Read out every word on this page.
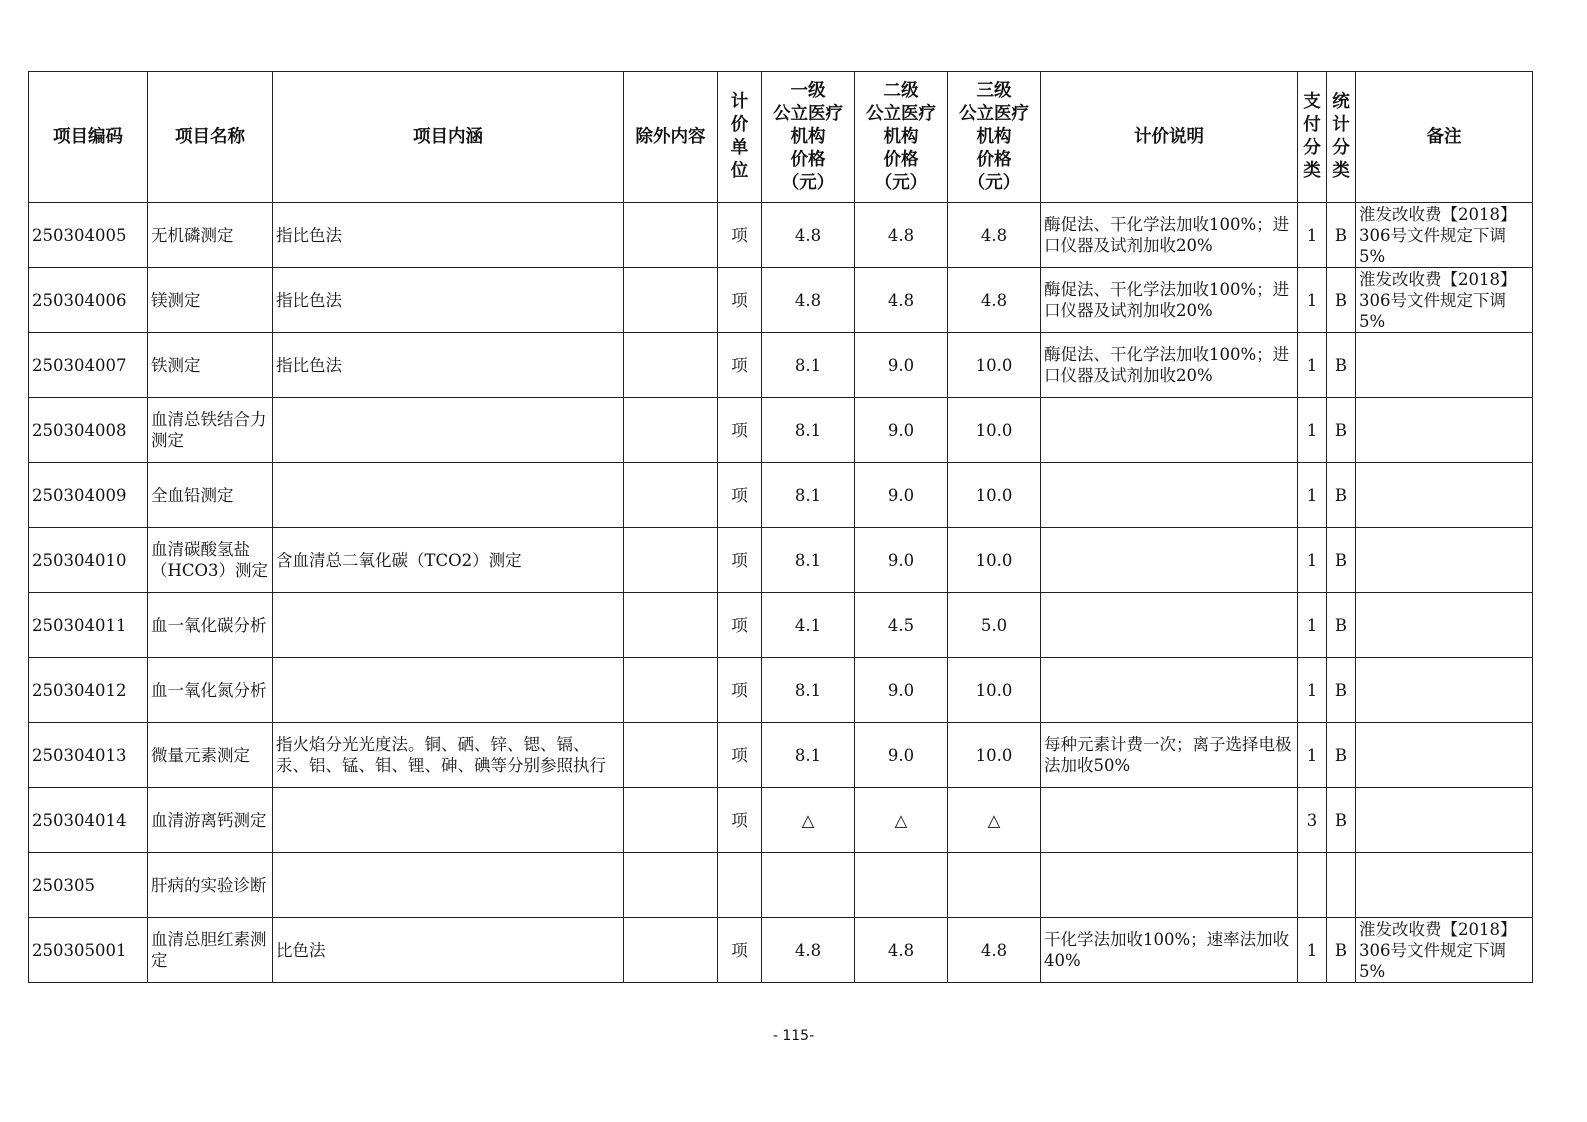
项目编码	项目名称	项目内涵	除外内容	计
价
单
位	一级
公立医疗
机构
价格
（元）	二级
公立医疗
机构
价格
（元）	三级
公立医疗
机构
价格
（元）	计价说明	支
付
分
类	统
计
分
类	备注
250304005	无机磷测定	指比色法		项	4.8	4.8	4.8	酶促法、干化学法加收100%；进口仪器及试剂加收20%	1	B	淮发改收费【2018】306号文件规定下调5%
250304006	镁测定	指比色法		项	4.8	4.8	4.8	酶促法、干化学法加收100%；进口仪器及试剂加收20%	1	B	淮发改收费【2018】306号文件规定下调5%
250304007	铁测定	指比色法		项	8.1	9.0	10.0	酶促法、干化学法加收100%；进口仪器及试剂加收20%	1	B	
250304008	血清总铁结合力测定			项	8.1	9.0	10.0		1	B	
250304009	全血铅测定			项	8.1	9.0	10.0		1	B	
250304010	血清碳酸氢盐（HCO3）测定	含血清总二氧化碳（TCO2）测定		项	8.1	9.0	10.0		1	B	
250304011	血一氧化碳分析			项	4.1	4.5	5.0		1	B	
250304012	血一氧化氮分析			项	8.1	9.0	10.0		1	B	
250304013	微量元素测定	指火焰分光光度法。铜、硒、锌、锶、镉、汞、铝、锰、钼、锂、砷、碘等分别参照执行		项	8.1	9.0	10.0	每种元素计费一次；离子选择电极法加收50%	1	B	
250304014	血清游离钙测定			项	△	△	△		3	B	
250305	肝病的实验诊断										
250305001	血清总胆红素测定	比色法		项	4.8	4.8	4.8	干化学法加收100%；速率法加收40%	1	B	淮发改收费【2018】306号文件规定下调5%
- 115-
